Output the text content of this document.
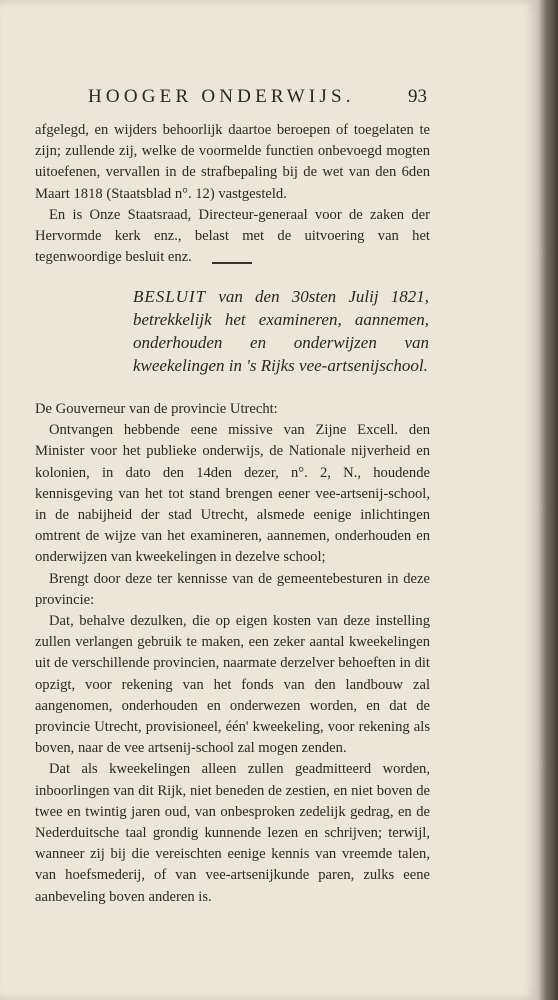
HOOGER ONDERWIJS.	93

afgelegd, en wijders behoorlijk daartoe beroepen of toegelaten te zijn; zullende zij, welke de voormelde functien onbevoegd mogten uitoefenen, vervallen in de strafbepaling bij de wet van den 6den Maart 1818 (Staatsblad n°. 12) vastgesteld.

En is Onze Staatsraad, Directeur-generaal voor de zaken der Hervormde kerk enz., belast met de uitvoering van het tegenwoordige besluit enz.

BESLUIT van den 30sten Julij 1821, betrekkelijk het examineren, aannemen, onderhouden en onderwijzen van kweekelingen in 's Rijks vee-artsenijschool.

De Gouverneur van de provincie Utrecht:

Ontvangen hebbende eene missive van Zijne Excell. den Minister voor het publieke onderwijs, de Nationale nijverheid en kolonien, in dato den 14den dezer, n°. 2, N., houdende kennisgeving van het tot stand brengen eener vee-artsenij-school, in de nabijheid der stad Utrecht, alsmede eenige inlichtingen omtrent de wijze van het examineren, aannemen, onderhouden en onderwijzen van kweekelingen in dezelve school;

Brengt door deze ter kennisse van de gemeentebesturen in deze provincie:

Dat, behalve dezulken, die op eigen kosten van deze instelling zullen verlangen gebruik te maken, een zeker aantal kweekelingen uit de verschillende provincien, naarmate derzelver behoeften in dit opzigt, voor rekening van het fonds van den landbouw zal aangenomen, onderhouden en onderwezen worden, en dat de provincie Utrecht, provisioneel, één' kweekeling, voor rekening als boven, naar de vee artsenij-school zal mogen zenden.

Dat als kweekelingen alleen zullen geadmitteerd worden, inboorlingen van dit Rijk, niet beneden de zestien, en niet boven de twee en twintig jaren oud, van onbesproken zedelijk gedrag, en de Nederduitsche taal grondig kunnende lezen en schrijven; terwijl, wanneer zij bij die vereischten eenige kennis van vreemde talen, van hoefsmederij, of van vee-artsenijkunde paren, zulks eene aanbeveling boven anderen is.
